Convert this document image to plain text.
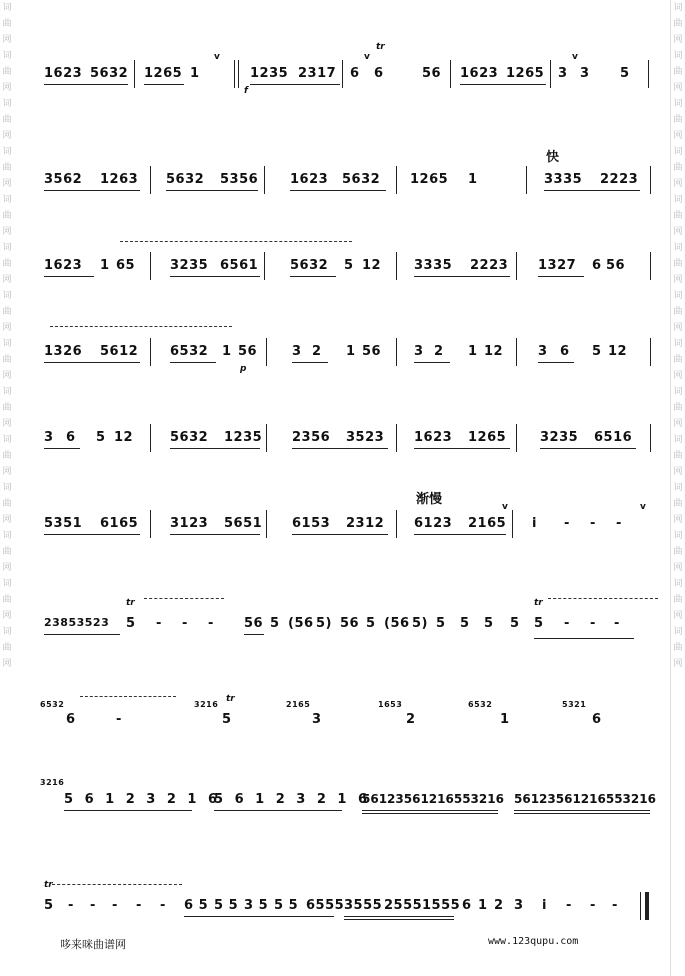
词
曲
网
词
曲
网
词
曲
网
词
曲
网
词
曲
网
词
曲
网
词
曲
网
词
曲
网
词
曲
网
词
曲
网
词
曲
网
词
曲
网
词
曲
网
词
曲
网
词
曲
网
词
曲
网
词
曲
网
词
曲
网
词
曲
网
词
曲
网
词
曲
网
词
曲
网
词
曲
网
词
曲
网
词
曲
网
词
曲
网
词
曲
网
词
曲
网
1623 5632 1265 1
v
1235
f
2317 6
v
tr
6	56 1623 1265 3
v
3 5
快
3562 1263 5632 5356 1623 5632 1265 1	3335 2223
1623 1 65	3235 6561 5632 5 12	3335 2223 1327 6 56
1326 5612 6532 1 56
p
3 2 1 56	3 2 1 12	3 6 5 12
3 6 5 12	5632 1235 2356 3523 1623 1265	3235 6516
渐慢
5351 6165 3123 5651 6153 2312 6123 2165
v
i - - -
v
23853523
tr
5 - - - 56 5 (56 5) 56 5 (56 5) 5 5 5 5
tr
5 - - -
6532
6	-
3216
tr
5
2165
3
1653
2
6532
1
5321
6
3216
5 6 1 2 3 2 1 6
5 6 1 2 3 2 1 6
56123561216553216 56123561216553216
tr
5 - - - - - 6 5 5 5 3 5 5 5 6555 3555 2555 1555 6 1 2 3 i - - -
哆来咪曲谱网	www.123qupu.com
